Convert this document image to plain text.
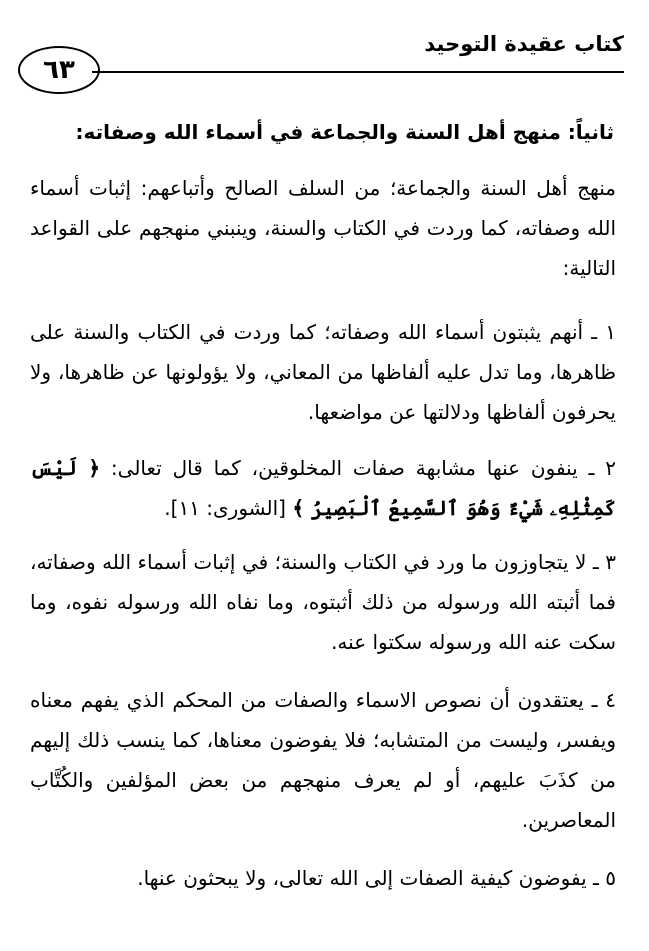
٦٣
كتاب عقيدة التوحيد

ثانياً: منهج أهل السنة والجماعة في أسماء الله وصفاته:

منهج أهل السنة والجماعة؛ من السلف الصالح وأتباعهم: إثبات أسماء الله وصفاته، كما وردت في الكتاب والسنة، وينبني منهجهم على القواعد التالية:

١ ـ أنهم يثبتون أسماء الله وصفاته؛ كما وردت في الكتاب والسنة على ظاهرها، وما تدل عليه ألفاظها من المعاني، ولا يؤولونها عن ظاهرها، ولا يحرفون ألفاظها ودلالتها عن مواضعها.

٢ ـ ينفون عنها مشابهة صفات المخلوقين، كما قال تعالى: ﴿ لَيْسَ كَمِثْلِهِۦ شَيْءٌ وَهُوَ ٱلسَّمِيعُ ٱلْبَصِيرُ ﴾ [الشورى: ١١].

٣ ـ لا يتجاوزون ما ورد في الكتاب والسنة؛ في إثبات أسماء الله وصفاته، فما أثبته الله ورسوله من ذلك أثبتوه، وما نفاه الله ورسوله نفوه، وما سكت عنه الله ورسوله سكتوا عنه.

٤ ـ يعتقدون أن نصوص الاسماء والصفات من المحكم الذي يفهم معناه ويفسر، وليست من المتشابه؛ فلا يفوضون معناها، كما ينسب ذلك إليهم من كذَبَ عليهم، أو لم يعرف منهجهم من بعض المؤلفين والكُتَّاب المعاصرين.

٥ ـ يفوضون كيفية الصفات إلى الله تعالى، ولا يبحثون عنها.
